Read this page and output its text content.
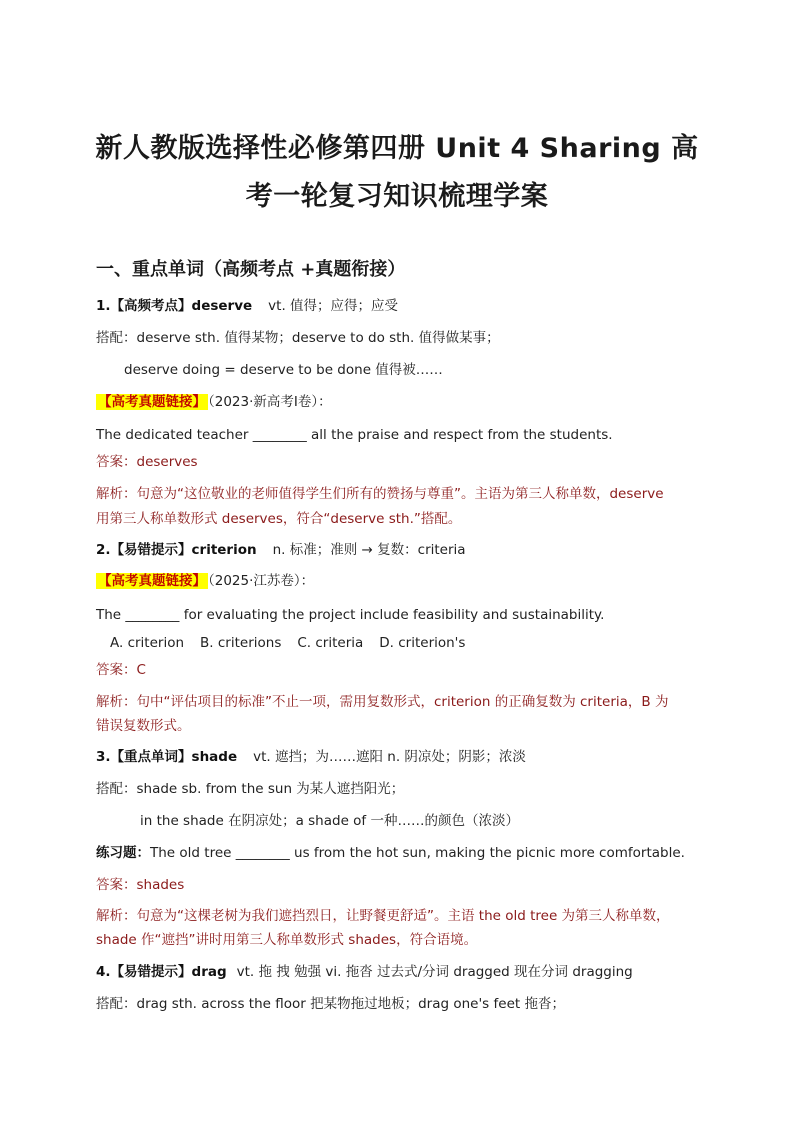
新人教版选择性必修第四册 Unit 4 Sharing 高
考一轮复习知识梳理学案
一、重点单词（高频考点 +真题衔接）
1.【高频考点】deserve vt. 值得；应得；应受
搭配：deserve sth. 值得某物；deserve to do sth. 值得做某事；
deserve doing = deserve to be done 值得被……
【高考真题链接】 （2023·新高考Ⅰ卷）：
The dedicated teacher ________ all the praise and respect from the students.
答案：deserves
解析：句意为“这位敬业的老师值得学生们所有的赞扬与尊重”。主语为第三人称单数，deserve
用第三人称单数形式 deserves，符合“deserve sth.”搭配。
2.【易错提示】criterion n. 标准；准则 → 复数：criteria
【高考真题链接】 （2025·江苏卷）：
The ________ for evaluating the project include feasibility and sustainability.
A. criterion B. criterions C. criteria D. criterion's
答案：C
解析：句中“评估项目的标准”不止一项，需用复数形式，criterion 的正确复数为 criteria，B 为
错误复数形式。
3.【重点单词】shade vt. 遮挡；为……遮阳 n. 阴凉处；阴影；浓淡
搭配：shade sb. from the sun 为某人遮挡阳光；
in the shade 在阴凉处；a shade of 一种……的颜色（浓淡）
练习题：The old tree ________ us from the hot sun, making the picnic more comfortable.
答案：shades
解析：句意为“这棵老树为我们遮挡烈日，让野餐更舒适”。主语 the old tree 为第三人称单数，
shade 作“遮挡”讲时用第三人称单数形式 shades，符合语境。
4.【易错提示】drag vt. 拖 拽 勉强 vi. 拖沓 过去式/分词 dragged 现在分词 dragging
搭配：drag sth. across the floor 把某物拖过地板；drag one's feet 拖沓；
